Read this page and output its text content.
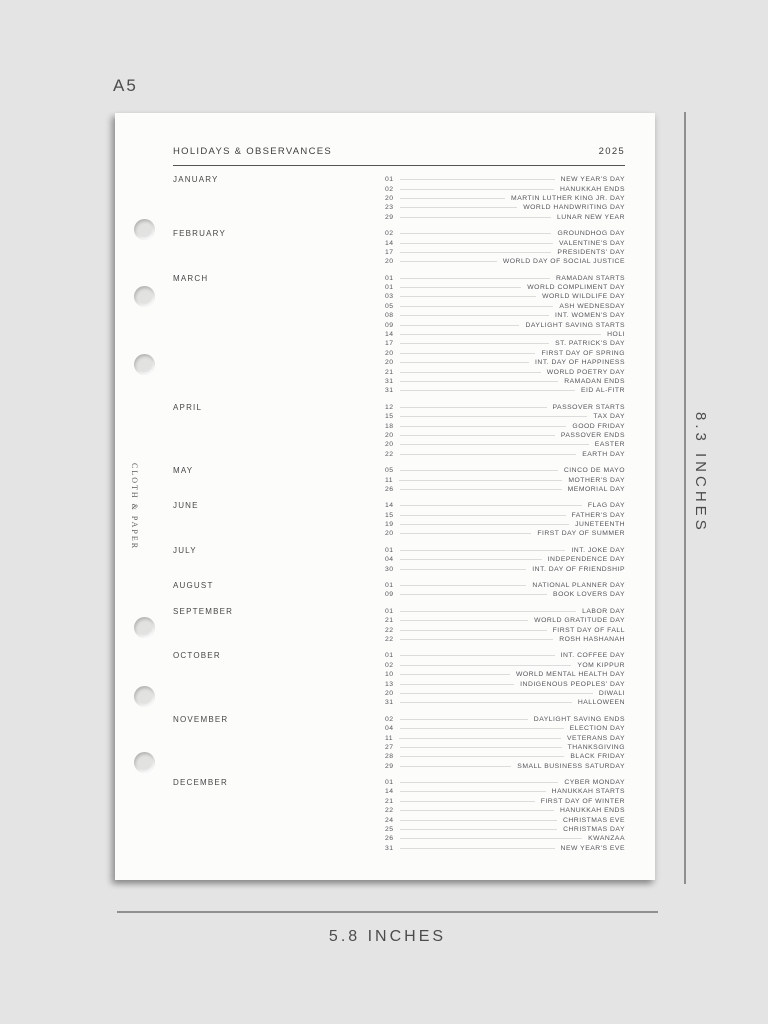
A5
CLOTH & PAPER
HOLIDAYS & OBSERVANCES	2025
JANUARY	01	NEW YEAR'S DAY
02	HANUKKAH ENDS
20	MARTIN LUTHER KING JR. DAY
23	WORLD HANDWRITING DAY
29	LUNAR NEW YEAR
FEBRUARY	02	GROUNDHOG DAY
14	VALENTINE'S DAY
17	PRESIDENTS' DAY
20	WORLD DAY OF SOCIAL JUSTICE
MARCH	01	RAMADAN STARTS
01	WORLD COMPLIMENT DAY
03	WORLD WILDLIFE DAY
05	ASH WEDNESDAY
08	INT. WOMEN'S DAY
09	DAYLIGHT SAVING STARTS
14	HOLI
17	ST. PATRICK'S DAY
20	FIRST DAY OF SPRING
20	INT. DAY OF HAPPINESS
21	WORLD POETRY DAY
31	RAMADAN ENDS
31	EID AL-FITR
APRIL	12	PASSOVER STARTS
15	TAX DAY
18	GOOD FRIDAY
20	PASSOVER ENDS
20	EASTER
22	EARTH DAY
MAY	05	CINCO DE MAYO
11	MOTHER'S DAY
26	MEMORIAL DAY
JUNE	14	FLAG DAY
15	FATHER'S DAY
19	JUNETEENTH
20	FIRST DAY OF SUMMER
JULY	01	INT. JOKE DAY
04	INDEPENDENCE DAY
30	INT. DAY OF FRIENDSHIP
AUGUST	01	NATIONAL PLANNER DAY
09	BOOK LOVERS DAY
SEPTEMBER	01	LABOR DAY
21	WORLD GRATITUDE DAY
22	FIRST DAY OF FALL
22	ROSH HASHANAH
OCTOBER	01	INT. COFFEE DAY
02	YOM KIPPUR
10	WORLD MENTAL HEALTH DAY
13	INDIGENOUS PEOPLES' DAY
20	DIWALI
31	HALLOWEEN
NOVEMBER	02	DAYLIGHT SAVING ENDS
04	ELECTION DAY
11	VETERANS DAY
27	THANKSGIVING
28	BLACK FRIDAY
29	SMALL BUSINESS SATURDAY
DECEMBER	01	CYBER MONDAY
14	HANUKKAH STARTS
21	FIRST DAY OF WINTER
22	HANUKKAH ENDS
24	CHRISTMAS EVE
25	CHRISTMAS DAY
26	KWANZAA
31	NEW YEAR'S EVE
8.3 INCHES
5.8 INCHES
